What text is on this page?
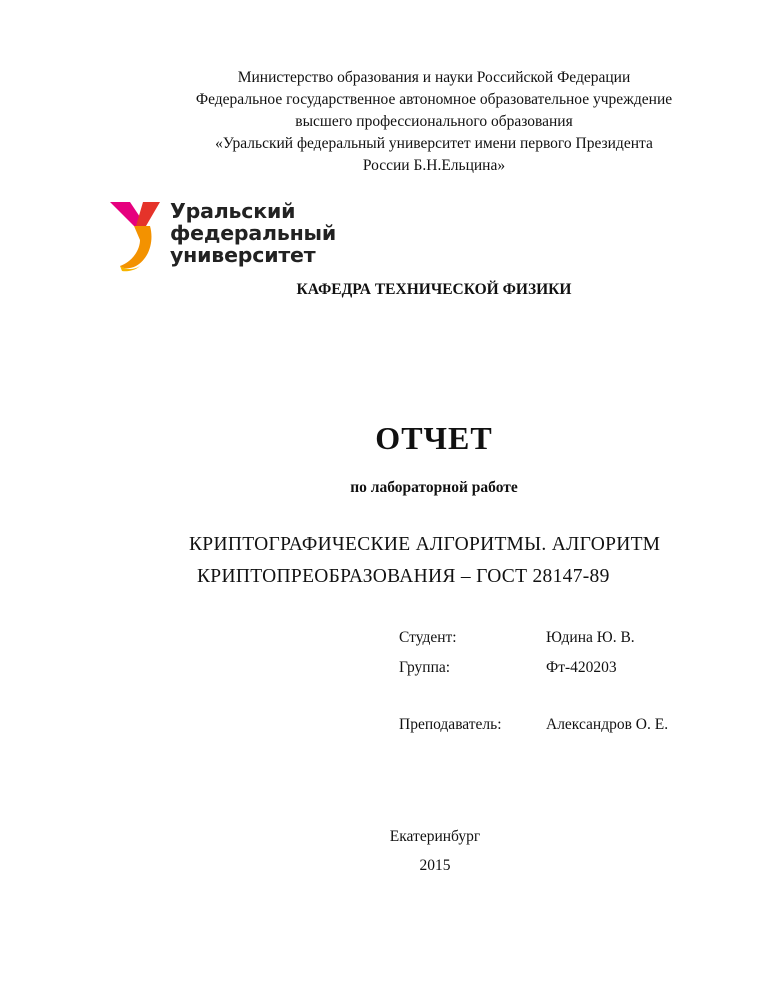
Министерство образования и науки Российской Федерации
Федеральное государственное автономное образовательное учреждение
высшего профессионального образования
«Уральский федеральный университет имени первого Президента
России Б.Н.Ельцина»
Уральский
федеральный
университет
КАФЕДРА ТЕХНИЧЕСКОЙ ФИЗИКИ
ОТЧЕТ
по лабораторной работе
КРИПТОГРАФИЧЕСКИЕ АЛГОРИТМЫ. АЛГОРИТМ
КРИПТОПРЕОБРАЗОВАНИЯ – ГОСТ 28147-89
Студент:	Юдина Ю. В.
Группа:	Фт-420203
Преподаватель:	Александров О. Е.
Екатеринбург
2015
